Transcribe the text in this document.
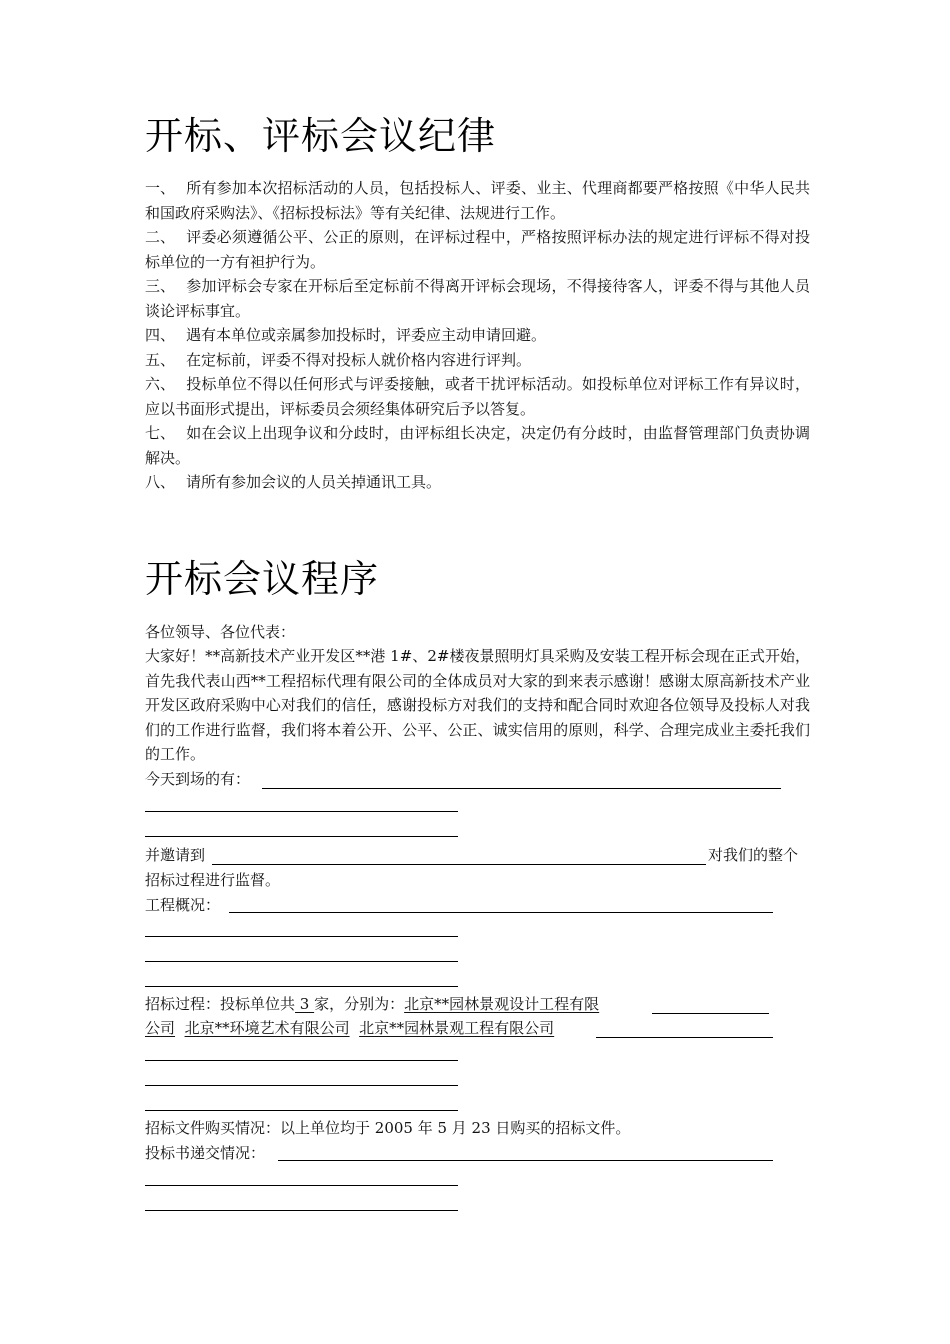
开标、评标会议纪律
一、 所有参加本次招标活动的人员，包括投标人、评委、业主、代理商都要严格按照《中华人民共和国政府采购法》、《招标投标法》等有关纪律、法规进行工作。
二、 评委必须遵循公平、公正的原则，在评标过程中，严格按照评标办法的规定进行评标不得对投标单位的一方有袒护行为。
三、 参加评标会专家在开标后至定标前不得离开评标会现场，不得接待客人，评委不得与其他人员谈论评标事宜。
四、 遇有本单位或亲属参加投标时，评委应主动申请回避。
五、 在定标前，评委不得对投标人就价格内容进行评判。
六、 投标单位不得以任何形式与评委接触，或者干扰评标活动。如投标单位对评标工作有异议时，应以书面形式提出，评标委员会须经集体研究后予以答复。
七、 如在会议上出现争议和分歧时，由评标组长决定，决定仍有分歧时，由监督管理部门负责协调解决。
八、 请所有参加会议的人员关掉通讯工具。
开标会议程序
各位领导、各位代表：
大家好！**高新技术产业开发区**港 1#、2#楼夜景照明灯具采购及安装工程开标会现在正式开始，首先我代表山西**工程招标代理有限公司的全体成员对大家的到来表示感谢！感谢太原高新技术产业开发区政府采购中心对我们的信任，感谢投标方对我们的支持和配合同时欢迎各位领导及投标人对我们的工作进行监督，我们将本着公开、公平、公正、诚实信用的原则，科学、合理完成业主委托我们的工作。
今天到场的有：
并邀请到	对我们的整个
招标过程进行监督。
工程概况：
招标过程：投标单位共 3 家，分别为：北京**园林景观设计工程有限
公司 北京**环境艺术有限公司 北京**园林景观工程有限公司
招标文件购买情况：以上单位均于 2005 年 5 月 23 日购买的招标文件。
投标书递交情况：
